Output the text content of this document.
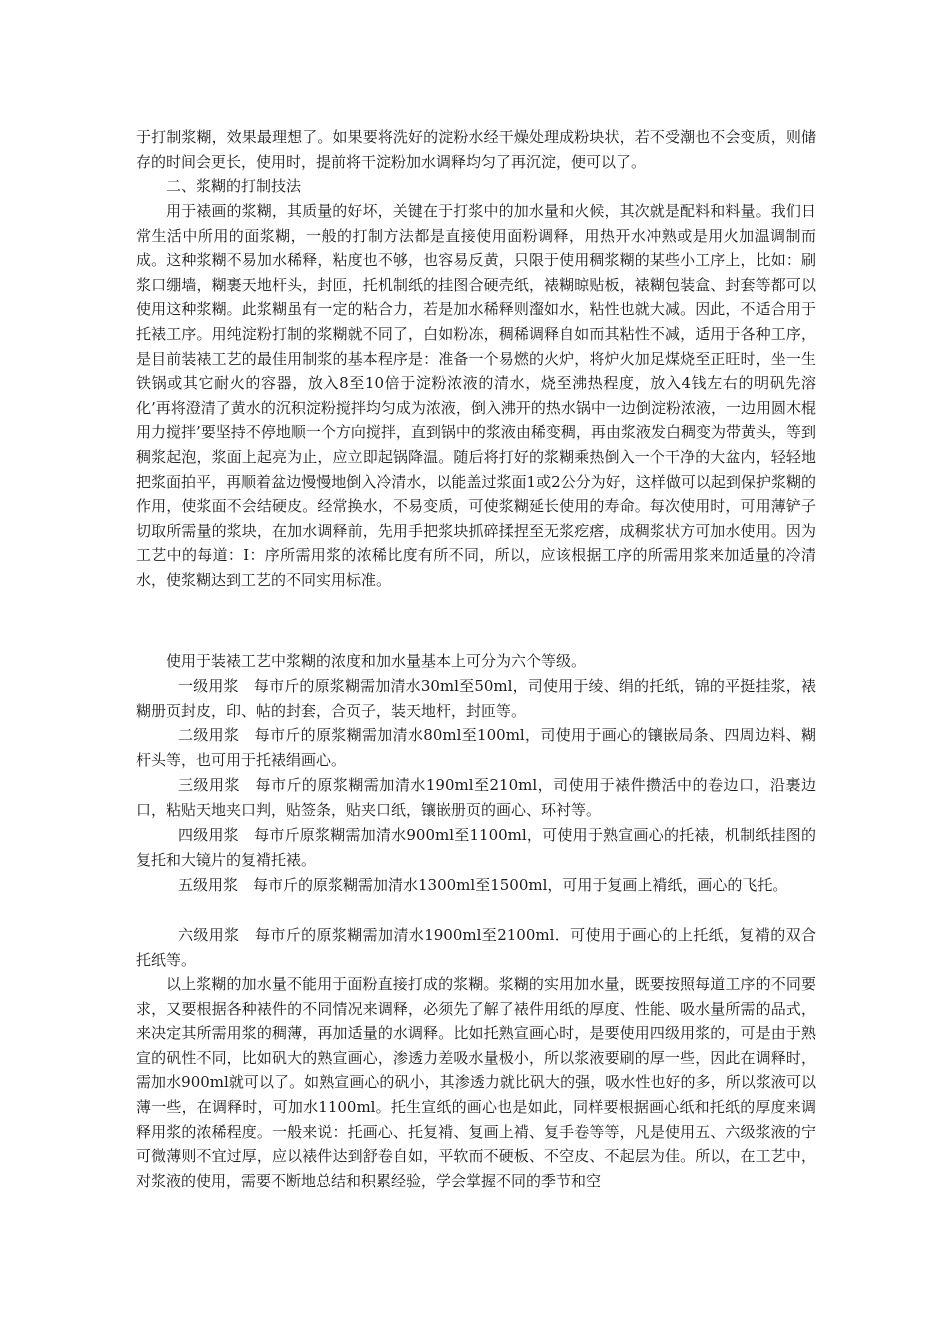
于打制浆糊，效果最理想了。如果要将洗好的淀粉水经干燥处理成粉块状，若不受潮也不会变质，则储存的时间会更长，使用时，提前将干淀粉加水调释均匀了再沉淀，便可以了。

二、浆糊的打制技法

用于裱画的浆糊，其质量的好坏，关键在于打浆中的加水量和火候，其次就是配料和料量。我们日常生活中所用的面浆糊，一般的打制方法都是直接使用面粉调释，用热开水冲熟或是用火加温调制而成。这种浆糊不易加水稀释，粘度也不够，也容易反黄，只限于使用稠浆糊的某些小工序上，比如：刷浆口绷墙，糊裹天地杆头，封匝，托机制纸的挂图合硬壳纸，裱糊晾贴板，裱糊包装盒、封套等都可以使用这种浆糊。此浆糊虽有一定的粘合力，若是加水稀释则瀣如水，粘性也就大减。因此，不适合用于托裱工序。用纯淀粉打制的浆糊就不同了，白如粉冻，稠稀调释自如而其粘性不减，适用于各种工序，是目前装裱工艺的最佳用制浆的基本程序是：准备一个易燃的火炉，将炉火加足煤烧至正旺时，坐一生铁锅或其它耐火的容器，放入8至10倍于淀粉浓液的清水，烧至沸热程度，放入4钱左右的明矾先溶化’再将澄清了黄水的沉积淀粉搅拌均匀成为浓液，倒入沸开的热水锅中一边倒淀粉浓液，一边用圆木棍用力搅拌’要坚持不停地顺一个方向搅拌，直到锅中的浆液由稀变稠，再由浆液发白稠变为带黄头，等到稠浆起泡，浆面上起亮为止，应立即起锅降温。随后将打好的浆糊乘热倒入一个干净的大盆内，轻轻地把浆面拍平，再顺着盆边慢慢地倒入冷清水，以能盖过浆面1或2公分为好，这样做可以起到保护浆糊的作用，使浆面不会结硬皮。经常换水，不易变质，可使浆糊延长使用的寿命。每次使用时，可用薄铲子切取所需量的浆块，在加水调释前，先用手把浆块抓碎揉捏至无浆疙瘩，成稠浆状方可加水使用。因为工艺中的每道：I：序所需用浆的浓稀比度有所不同，所以，应该根据工序的所需用浆来加适量的冷清水，使浆糊达到工艺的不同实用标准。

使用于装裱工艺中浆糊的浓度和加水量基本上可分为六个等级。

一级用浆　每市斤的原浆糊需加清水30ml至50ml，司使用于绫、绢的托纸，锦的平挺挂浆，裱糊册页封皮，印、帖的封套，合页子，装天地杆，封匝等。

二级用浆　每市斤的原浆糊需加清水80ml至100ml，司使用于画心的镶嵌局条、四周边料、糊杆头等，也可用于托裱绢画心。

三级用浆　每市斤的原浆糊需加清水190ml至210ml，司使用于裱件攒活中的卷边口，沿裹边口，粘贴天地夹口判，贴签条，贴夹口纸，镶嵌册页的画心、环衬等。

四级用浆　每市斤原浆糊需加清水900ml至1100ml，可使用于熟宣画心的托裱，机制纸挂图的复托和大镜片的复褙托裱。

五级用浆　每市斤的原浆糊需加清水1300ml至1500ml，可用于复画上褙纸，画心的飞托。

六级用浆　每市斤的原浆糊需加清水1900ml至2100ml．可使用于画心的上托纸，复褙的双合托纸等。

以上浆糊的加水量不能用于面粉直接打成的浆糊。浆糊的实用加水量，既要按照每道工序的不同要求，又要根据各种裱件的不同情况来调释，必须先了解了裱件用纸的厚度、性能、吸水量所需的品式，来决定其所需用浆的稠薄，再加适量的水调释。比如托熟宣画心时，是要使用四级用浆的，可是由于熟宣的矾性不同，比如矾大的熟宣画心，渗透力差吸水量极小，所以浆液要刷的厚一些，因此在调释时，需加水900ml就可以了。如熟宣画心的矾小，其渗透力就比矾大的强，吸水性也好的多，所以浆液可以薄一些，在调释时，可加水1100ml。托生宣纸的画心也是如此，同样要根据画心纸和托纸的厚度来调释用浆的浓稀程度。一般来说：托画心、托复褙、复画上褙、复手卷等等，凡是使用五、六级浆液的宁可微薄则不宜过厚，应以裱件达到舒卷自如，平软而不硬板、不空皮、不起层为佳。所以，在工艺中，对浆液的使用，需要不断地总结和积累经验，学会掌握不同的季节和空
